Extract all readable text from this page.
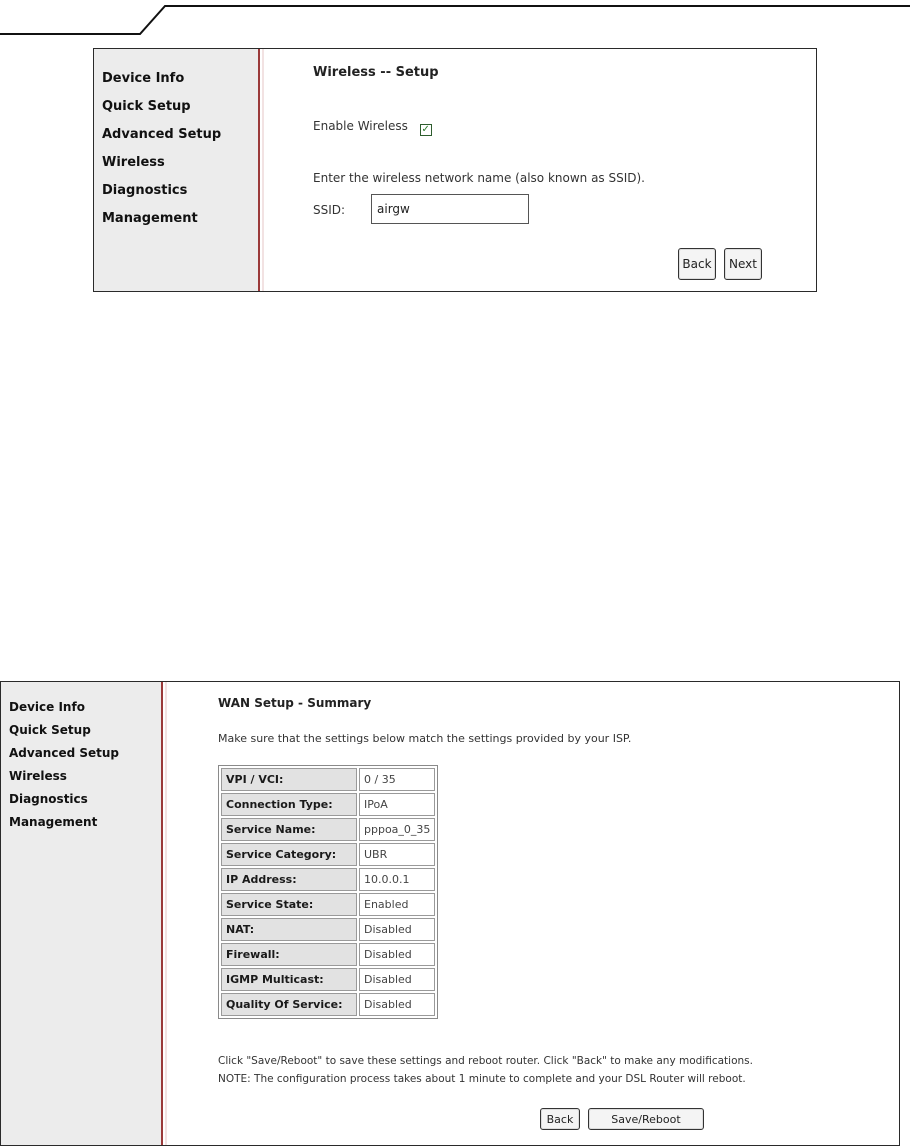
Device Info
Quick Setup
Advanced Setup
Wireless
Diagnostics
Management
Wireless -- Setup
Enable Wireless ✓
Enter the wireless network name (also known as SSID).
SSID:
airgw
Back	Next
Device Info
Quick Setup
Advanced Setup
Wireless
Diagnostics
Management
WAN Setup - Summary
Make sure that the settings below match the settings provided by your ISP.
VPI / VCI:	0 / 35
Connection Type:	IPoA
Service Name:	pppoa_0_35
Service Category:	UBR
IP Address:	10.0.0.1
Service State:	Enabled
NAT:	Disabled
Firewall:	Disabled
IGMP Multicast:	Disabled
Quality Of Service:	Disabled
Click "Save/Reboot" to save these settings and reboot router. Click "Back" to make any modifications.
NOTE: The configuration process takes about 1 minute to complete and your DSL Router will reboot.
Back	Save/Reboot
